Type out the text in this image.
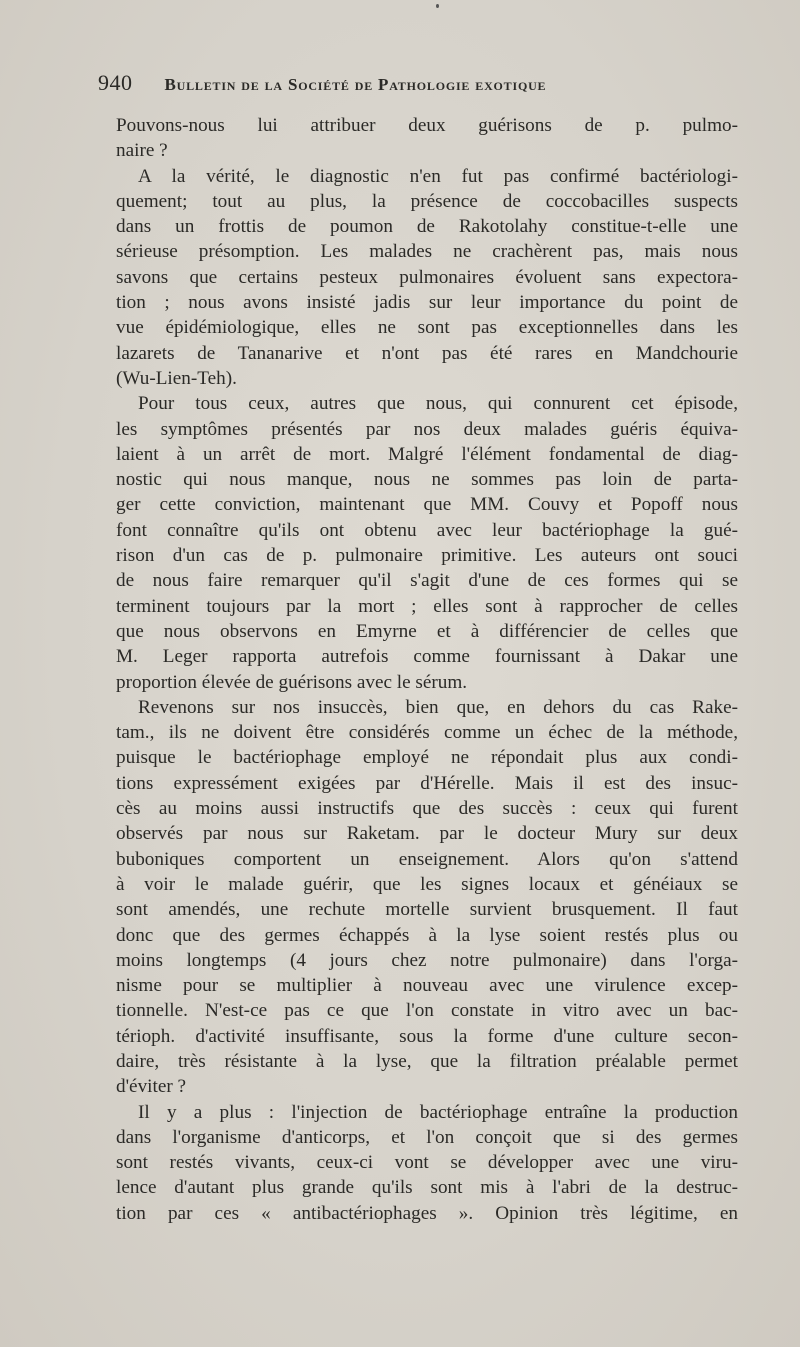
940 Bulletin de la Société de Pathologie exotique
Pouvons-nous lui attribuer deux guérisons de p. pulmo-
naire ?
A la vérité, le diagnostic n'en fut pas confirmé bactériologi-
quement; tout au plus, la présence de coccobacilles suspects
dans un frottis de poumon de Rakotolahy constitue-t-elle une
sérieuse présomption. Les malades ne crachèrent pas, mais nous
savons que certains pesteux pulmonaires évoluent sans expectora-
tion ; nous avons insisté jadis sur leur importance du point de
vue épidémiologique, elles ne sont pas exceptionnelles dans les
lazarets de Tananarive et n'ont pas été rares en Mandchourie
(Wu-Lien-Teh).
Pour tous ceux, autres que nous, qui connurent cet épisode,
les symptômes présentés par nos deux malades guéris équiva-
laient à un arrêt de mort. Malgré l'élément fondamental de diag-
nostic qui nous manque, nous ne sommes pas loin de parta-
ger cette conviction, maintenant que MM. Couvy et Popoff nous
font connaître qu'ils ont obtenu avec leur bactériophage la gué-
rison d'un cas de p. pulmonaire primitive. Les auteurs ont souci
de nous faire remarquer qu'il s'agit d'une de ces formes qui se
terminent toujours par la mort ; elles sont à rapprocher de celles
que nous observons en Emyrne et à différencier de celles que
M. Leger rapporta autrefois comme fournissant à Dakar une
proportion élevée de guérisons avec le sérum.
Revenons sur nos insuccès, bien que, en dehors du cas Rake-
tam., ils ne doivent être considérés comme un échec de la méthode,
puisque le bactériophage employé ne répondait plus aux condi-
tions expressément exigées par d'Hérelle. Mais il est des insuc-
cès au moins aussi instructifs que des succès : ceux qui furent
observés par nous sur Raketam. par le docteur Mury sur deux
buboniques comportent un enseignement. Alors qu'on s'attend
à voir le malade guérir, que les signes locaux et généiaux se
sont amendés, une rechute mortelle survient brusquement. Il faut
donc que des germes échappés à la lyse soient restés plus ou
moins longtemps (4 jours chez notre pulmonaire) dans l'orga-
nisme pour se multiplier à nouveau avec une virulence excep-
tionnelle. N'est-ce pas ce que l'on constate in vitro avec un bac-
térioph. d'activité insuffisante, sous la forme d'une culture secon-
daire, très résistante à la lyse, que la filtration préalable permet
d'éviter ?
Il y a plus : l'injection de bactériophage entraîne la production
dans l'organisme d'anticorps, et l'on conçoit que si des germes
sont restés vivants, ceux-ci vont se développer avec une viru-
lence d'autant plus grande qu'ils sont mis à l'abri de la destruc-
tion par ces « antibactériophages ». Opinion très légitime, en
